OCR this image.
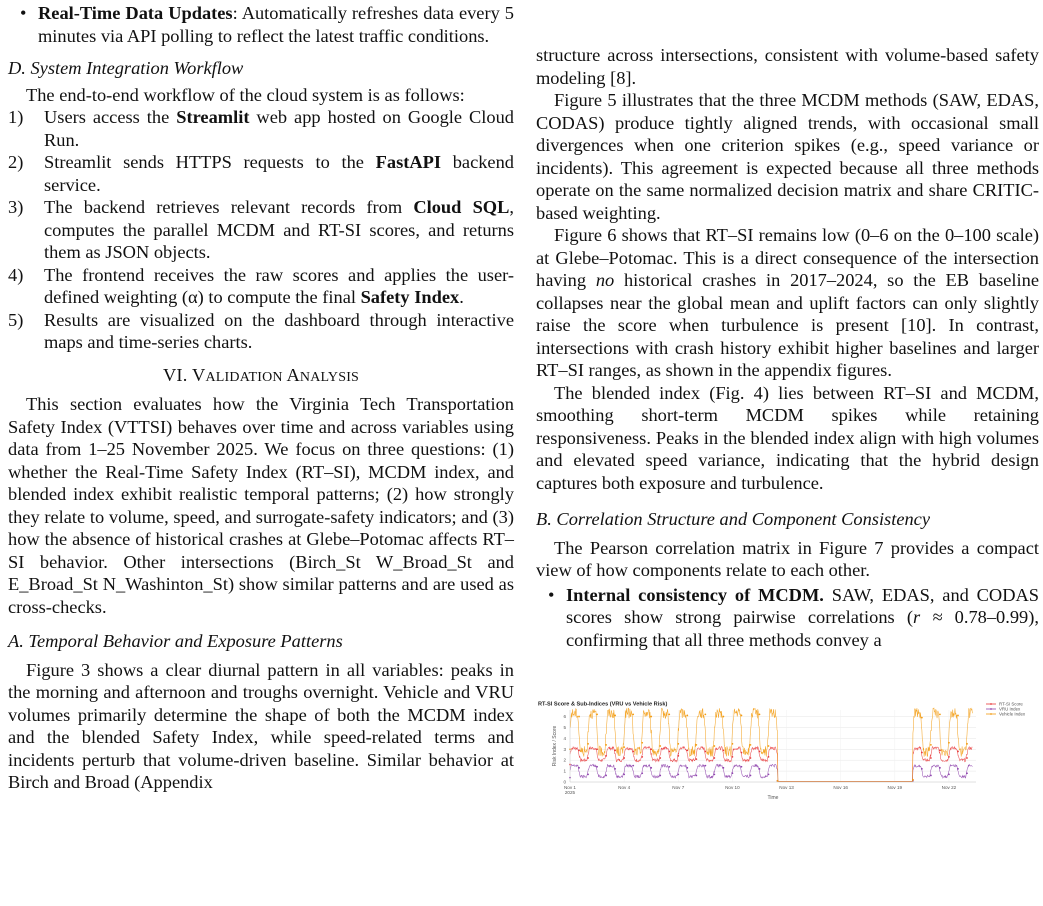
• Real-Time Data Updates: Automatically refreshes data every 5 minutes via API polling to reflect the latest traffic conditions.

D. System Integration Workflow

The end-to-end workflow of the cloud system is as follows:

1) Users access the Streamlit web app hosted on Google Cloud Run.
2) Streamlit sends HTTPS requests to the FastAPI backend service.
3) The backend retrieves relevant records from Cloud SQL, computes the parallel MCDM and RT-SI scores, and returns them as JSON objects.
4) The frontend receives the raw scores and applies the user-defined weighting (α) to compute the final Safety Index.
5) Results are visualized on the dashboard through interactive maps and time-series charts.

VI. VALIDATION ANALYSIS

This section evaluates how the Virginia Tech Transportation Safety Index (VTTSI) behaves over time and across variables using data from 1–25 November 2025. We focus on three questions: (1) whether the Real-Time Safety Index (RT–SI), MCDM index, and blended index exhibit realistic temporal patterns; (2) how strongly they relate to volume, speed, and surrogate-safety indicators; and (3) how the absence of historical crashes at Glebe–Potomac affects RT–SI behavior. Other intersections (Birch_St W_Broad_St and E_Broad_St N_Washinton_St) show similar patterns and are used as cross-checks.

A. Temporal Behavior and Exposure Patterns

Figure 3 shows a clear diurnal pattern in all variables: peaks in the morning and afternoon and troughs overnight. Vehicle and VRU volumes primarily determine the shape of both the MCDM index and the blended Safety Index, while speed-related terms and incidents perturb that volume-driven baseline. Similar behavior at Birch and Broad (Appendix

structure across intersections, consistent with volume-based safety modeling [8].

Figure 5 illustrates that the three MCDM methods (SAW, EDAS, CODAS) produce tightly aligned trends, with occasional small divergences when one criterion spikes (e.g., speed variance or incidents). This agreement is expected because all three methods operate on the same normalized decision matrix and share CRITIC-based weighting.

Figure 6 shows that RT–SI remains low (0–6 on the 0–100 scale) at Glebe–Potomac. This is a direct consequence of the intersection having no historical crashes in 2017–2024, so the EB baseline collapses near the global mean and uplift factors can only slightly raise the score when turbulence is present [10]. In contrast, intersections with crash history exhibit higher baselines and larger RT–SI ranges, as shown in the appendix figures.

The blended index (Fig. 4) lies between RT–SI and MCDM, smoothing short-term MCDM spikes while retaining responsiveness. Peaks in the blended index align with high volumes and elevated speed variance, indicating that the hybrid design captures both exposure and turbulence.

B. Correlation Structure and Component Consistency

The Pearson correlation matrix in Figure 7 provides a compact view of how components relate to each other.

• Internal consistency of MCDM. SAW, EDAS, and CODAS scores show strong pairwise correlations (r ≈ 0.78–0.99), confirming that all three methods convey a
RT-SI Score & Sub-Indices (VRU vs Vehicle Risk)
0
1
2
3
4
5
6
Nov 1	Nov 4	Nov 7	Nov 10	Nov 13	Nov 16	Nov 19	Nov 22
2025
Time
Risk Index / Score
RT-SI Score
VRU Index
Vehicle Index
